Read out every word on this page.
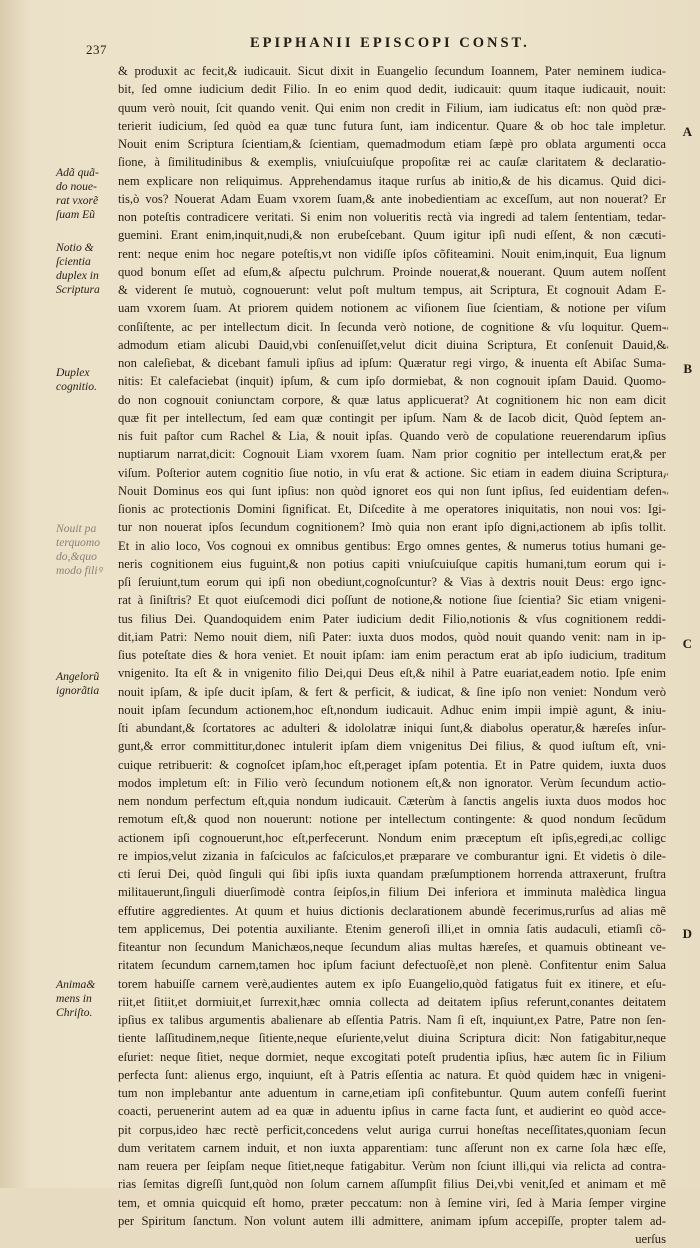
237	EPIPHANII EPISCOPI CONST.
Adã quã-
do noue-
rat vxorẽ
ſuam Eũ
Notio &
ſcientia
duplex in
Scriptura
Duplex
cognitio.
Nouit pa
terquomo
do,&quo
modo filiꝰ
Angelorũ
ignorãtia
Anima&
mens in
Chriſto.
A
B
C
D
“
“
“
“
& produxit ac fecit,& iudicauit. Sicut dixit in Euangelio ſecundum Ioannem, Pater neminem iudica-
bit, ſed omne iudicium dedit Filio. In eo enim quod dedit, iudicauit: quum itaque iudicauit, nouit:
quum verò nouit, ſcit quando venit. Qui enim non credit in Filium, iam iudicatus eſt: non quòd præ-
terierit iudicium, ſed quòd ea quæ tunc futura ſunt, iam indicentur. Quare & ob hoc tale impletur.
Nouit enim Scriptura ſcientiam,& ſcientiam, quemadmodum etiam ſæpè pro oblata argumenti occa
ſione, à ſimilitudinibus & exemplis, vniuſcuiuſque propoſitæ rei ac cauſæ claritatem & declaratio-
nem explicare non reliquimus. Apprehendamus itaque rurſus ab initio,& de his dicamus. Quid dici-
tis,ò vos? Nouerat Adam Euam vxorem ſuam,& ante inobedientiam ac exceſſum, aut non nouerat? Er
non poteſtis contradicere veritati. Si enim non volueritis rectà via ingredi ad talem ſententiam, tedar-
guemini. Erant enim,inquit,nudi,& non erubeſcebant. Quum igitur ipſi nudi eſſent, & non cæcuti-
rent: neque enim hoc negare poteſtis,vt non vidiſſe ipſos cõfiteamini. Nouit enim,inquit, Eua lignum
quod bonum eſſet ad eſum,& aſpectu pulchrum. Proinde nouerat,& nouerant. Quum autem noſſent
& viderent ſe mutuò, cognouerunt: velut poſt multum tempus, ait Scriptura, Et cognouit Adam E-
uam vxorem ſuam. At priorem quidem notionem ac viſionem ſiue ſcientiam, & notione per viſum
conſiſtente, ac per intellectum dicit. In ſecunda verò notione, de cognitione & vſu loquitur. Quem-
admodum etiam alicubi Dauid,vbi conſenuiſſet,velut dicit diuina Scriptura, Et conſenuit Dauid,&
non caleſiebat, & dicebant famuli ipſius ad ipſum: Quæratur regi virgo, & inuenta eſt Abiſac Suma-
nitis: Et calefaciebat (inquit) ipſum, & cum ipſo dormiebat, & non cognouit ipſam Dauid. Quomo-
do non cognouit coniunctam corpore, & quæ latus applicuerat? At cognitionem hic non eam dicit
quæ fit per intellectum, ſed eam quæ contingit per ipſum. Nam & de Iacob dicit, Quòd ſeptem an-
nis fuit paſtor cum Rachel & Lia, & nouit ipſas. Quando verò de copulatione reuerendarum ipſius
nuptiarum narrat,dicit: Cognouit Liam vxorem ſuam. Nam prior cognitio per intellectum erat,& per
viſum. Poſterior autem cognitio ſiue notio, in vſu erat & actione. Sic etiam in eadem diuina Scriptura,
Nouit Dominus eos qui ſunt ipſius: non quòd ignoret eos qui non ſunt ipſius, ſed euidentiam defen-
ſionis ac protectionis Domini ſignificat. Et, Diſcedite à me operatores iniquitatis, non noui vos: Igi-
tur non nouerat ipſos ſecundum cognitionem? Imò quia non erant ipſo digni,actionem ab ipſis tollit.
Et in alio loco, Vos cognoui ex omnibus gentibus: Ergo omnes gentes, & numerus totius humani ge-
neris cognitionem eius fuguint,& non potius capiti vniuſcuiuſque capitis humani,tum eorum qui i-
pſi ſeruiunt,tum eorum qui ipſi non obediunt,cognoſcuntur? & Vias à dextris nouit Deus: ergo ignc-
rat à ſiniſtris? Et quot eiuſcemodi dici poſſunt de notione,& notione ſiue ſcientia? Sic etiam vnigeni-
tus filius Dei. Quandoquidem enim Pater iudicium dedit Filio,notionis & vſus cognitionem reddi-
dit,iam Patri: Nemo nouit diem, niſi Pater: iuxta duos modos, quòd nouit quando venit: nam in ip-
ſius poteſtate dies & hora veniet. Et nouit ipſam: iam enim peractum erat ab ipſo iudicium, traditum
vnigenito. Ita eſt & in vnigenito filio Dei,qui Deus eſt,& nihil à Patre euariat,eadem notio. Ipſe enim
nouit ipſam, & ipſe ducit ipſam, & fert & perficit, & iudicat, & ſine ipſo non veniet: Nondum verò
nouit ipſam ſecundum actionem,hoc eſt,nondum iudicauit. Adhuc enim impii impiè agunt, & iniu-
ſti abundant,& ſcortatores ac adulteri & idololatræ iniqui ſunt,& diabolus operatur,& hæreſes inſur-
gunt,& error committitur,donec intulerit ipſam diem vnigenitus Dei filius, & quod iuſtum eſt, vni-
cuique retribuerit: & cognoſcet ipſam,hoc eſt,peraget ipſam potentia. Et in Patre quidem, iuxta duos
modos impletum eſt: in Filio verò ſecundum notionem eſt,& non ignorator. Verùm ſecundum actio-
nem nondum perfectum eſt,quia nondum iudicauit. Cæterùm à ſanctis angelis iuxta duos modos hoc
remotum eſt,& quod non nouerunt: notione per intellectum contingente: & quod nondum ſecũdum
actionem ipſi cognouerunt,hoc eſt,perfecerunt. Nondum enim præceptum eſt ipſis,egredi,ac colligc
re impios,velut zizania in faſciculos ac faſciculos,et præparare ve comburantur igni. Et videtis ò dile-
cti ſerui Dei, quòd ſinguli qui ſibi ipſis iuxta quandam præſumptionem horrenda attraxerunt, fruſtra
militauerunt,ſinguli diuerſimodè contra ſeipſos,in filium Dei inferiora et imminuta malèdica lingua
effutire aggredientes. At quum et huius dictionis declarationem abundè fecerimus,rurſus ad alias mẽ
tem applicemus, Dei potentia auxiliante. Etenim generoſi illi,et in omnia ſatis audaculi, etiamſi cõ-
fiteantur non ſecundum Manichæos,neque ſecundum alias multas hæreſes, et quamuis obtineant ve-
ritatem ſecundum carnem,tamen hoc ipſum faciunt defectuoſè,et non plenè. Confitentur enim Salua
torem habuiſſe carnem verè,audientes autem ex ipſo Euangelio,quòd fatigatus fuit ex itinere, et eſu-
riit,et ſitiit,et dormiuit,et ſurrexit,hæc omnia collecta ad deitatem ipſius referunt,conantes deitatem
ipſius ex talibus argumentis abalienare ab eſſentia Patris. Nam ſi eſt, inquiunt,ex Patre, Patre non ſen-
tiente laſſitudinem,neque ſitiente,neque eſuriente,velut diuina Scriptura dicit: Non fatigabitur,neque
eſuriet: neque ſitiet, neque dormiet, neque excogitati poteſt prudentia ipſius, hæc autem ſic in Filium
perfecta ſunt: alienus ergo, inquiunt, eſt à Patris eſſentia ac natura. Et quòd quidem hæc in vnigeni-
tum non implebantur ante aduentum in carne,etiam ipſi confitebuntur. Quum autem confeſſi fuerint
coacti, peruenerint autem ad ea quæ in aduentu ipſius in carne facta ſunt, et audierint eo quòd acce-
pit corpus,ideo hæc rectè perficit,concedens velut auriga currui honeſtas neceſſitates,quoniam ſecun
dum veritatem carnem induit, et non iuxta apparentiam: tunc aſſerunt non ex carne ſola hæc eſſe,
nam reuera per ſeipſam neque ſitiet,neque fatigabitur. Verùm non ſciunt illi,qui via relicta ad contra-
rias ſemitas digreſſi ſunt,quòd non ſolum carnem aſſumpſit filius Dei,vbi venit,ſed et animam et mẽ
tem, et omnia quicquid eſt homo, præter peccatum: non à ſemine viri, ſed à Maria ſemper virgine
per Spiritum ſanctum. Non volunt autem illi admittere, animam ipſum accepiſſe, propter talem ad-
uerſus
